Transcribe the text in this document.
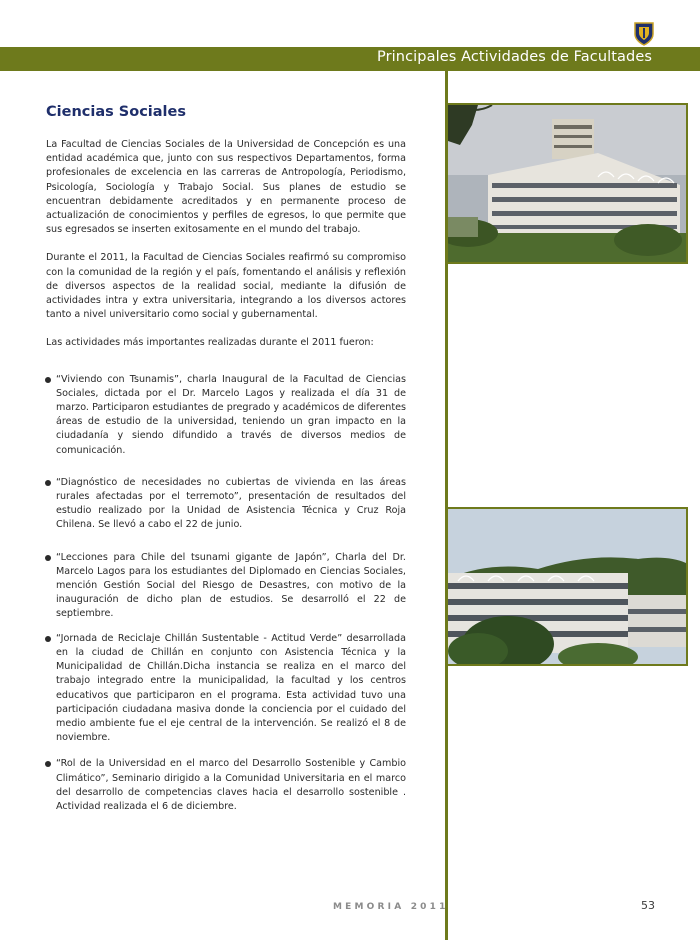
Principales Actividades de Facultades
Ciencias Sociales

La Facultad de Ciencias Sociales de la Universidad de Concepción es una entidad académica que, junto con sus respectivos Departamentos, forma profesionales de excelencia en las carreras de Antropología, Periodismo, Psicología, Sociología y Trabajo Social. Sus planes de estudio se encuentran debidamente acreditados y en permanente proceso de actualización de conocimientos y perfiles de egresos, lo que permite que sus egresados se inserten exitosamente en el mundo del trabajo.

Durante el 2011, la Facultad de Ciencias Sociales reafirmó su compromiso con la comunidad de la región y el país, fomentando el análisis y reflexión de diversos aspectos de la realidad social, mediante la difusión de actividades intra y extra universitaria, integrando a los diversos actores tanto a nivel universitario como social y gubernamental.

Las actividades más importantes realizadas durante el 2011 fueron:

“Viviendo con Tsunamis”, charla Inaugural de la Facultad de Ciencias Sociales, dictada por el Dr. Marcelo Lagos y realizada el día 31 de marzo. Participaron estudiantes de pregrado y académicos de diferentes áreas de estudio de la universidad, teniendo un gran impacto en la ciudadanía y siendo difundido a través de diversos medios de comunicación.

“Diagnóstico de necesidades no cubiertas de vivienda en las áreas rurales afectadas por el terremoto”, presentación de resultados del estudio realizado por la Unidad de Asistencia Técnica y Cruz Roja Chilena. Se llevó a cabo el 22 de junio.

“Lecciones para Chile del tsunami gigante de Japón”, Charla del Dr. Marcelo Lagos para los estudiantes del Diplomado en Ciencias Sociales, mención Gestión Social del Riesgo de Desastres, con motivo de la inauguración de dicho plan de estudios. Se desarrolló el 22 de septiembre.

“Jornada de Reciclaje Chillán Sustentable - Actitud Verde” desarrollada en la ciudad de Chillán en conjunto con Asistencia Técnica y la Municipalidad de Chillán.Dicha instancia se realiza en el marco del trabajo integrado entre la municipalidad, la facultad y los centros educativos que participaron en el programa. Esta actividad tuvo una participación ciudadana masiva donde la conciencia por el cuidado del medio ambiente fue el eje central de la intervención. Se realizó el 8 de noviembre.

“Rol de la Universidad en el marco del Desarrollo Sostenible y Cambio Climático”, Seminario dirigido a la Comunidad Universitaria en el marco del desarrollo de competencias claves hacia el desarrollo sostenible . Actividad realizada el 6 de diciembre.

MEMORIA 2011	53
